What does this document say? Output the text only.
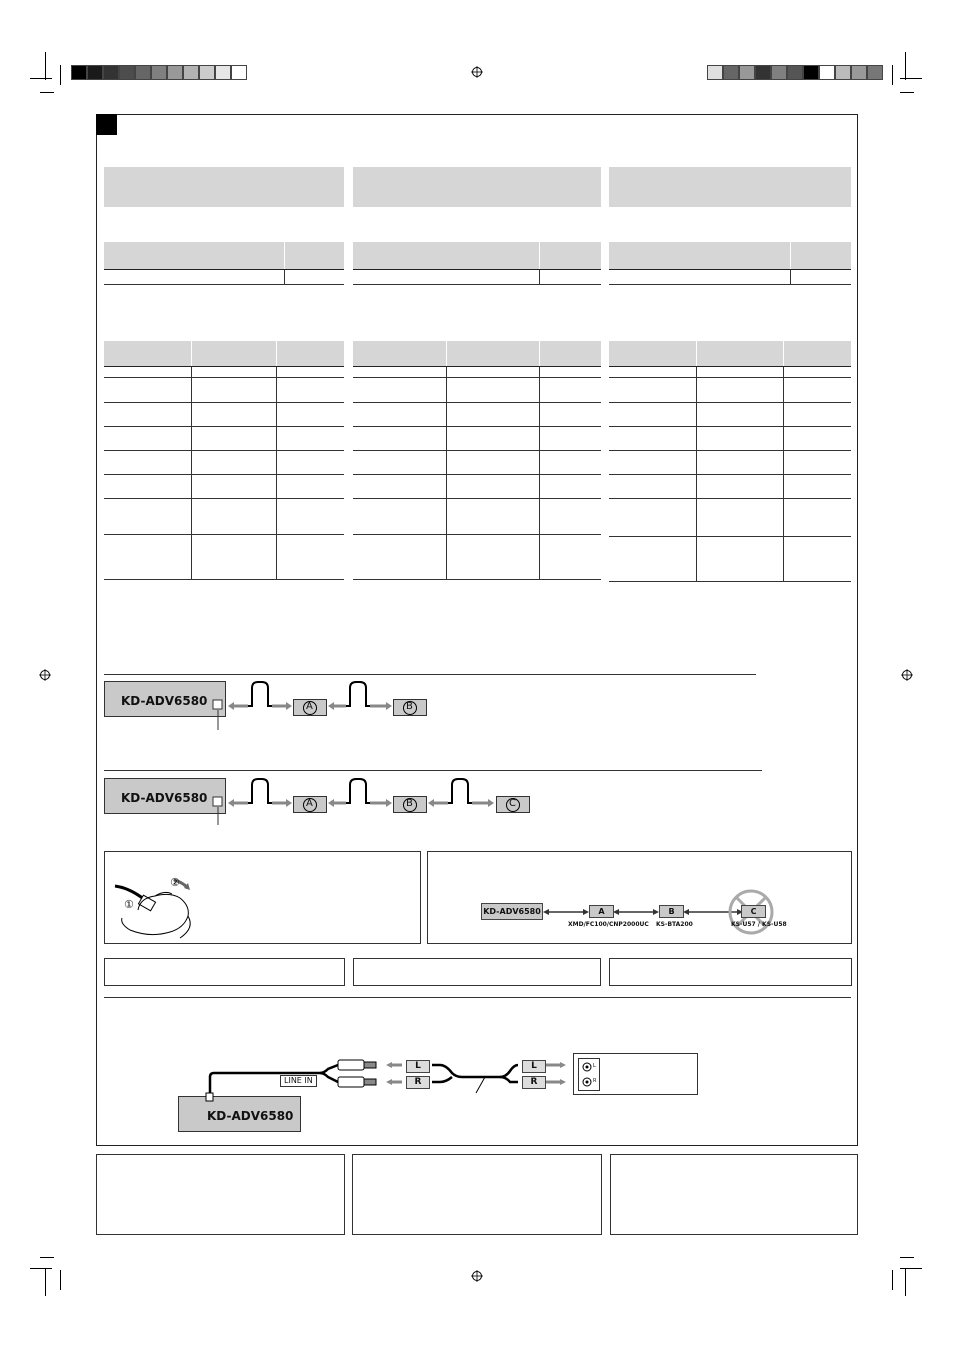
KD-ADV6580	A	B
KD-ADV6580	A	B	C
①
②
KD-ADV6580	A	B	C
XMD/FC100/CNP2000UC KS-BTA200	KS-U57 / KS-U58
KD-ADV6580
LINE IN
L
R
L
R
L
R
